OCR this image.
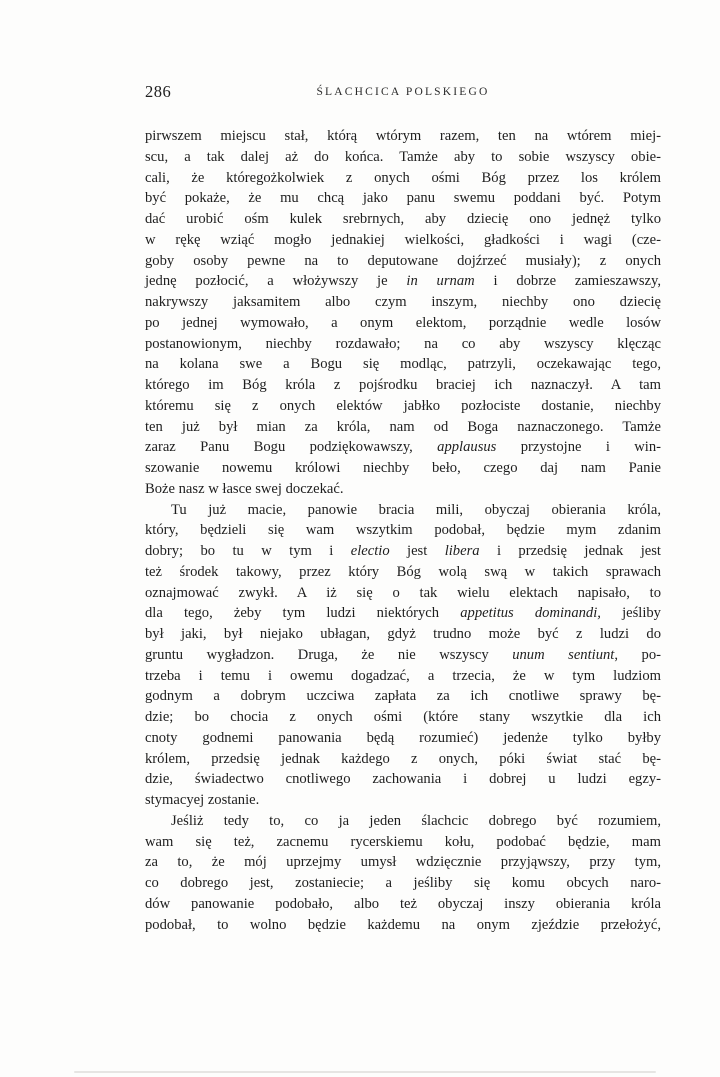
286	ŚLACHCICA POLSKIEGO
pirwszem miejscu stał, którą wtórym razem, ten na wtórem miej-
scu, a tak dalej aż do końca. Tamże aby to sobie wszyscy obie-
cali, że któregożkolwiek z onych ośmi Bóg przez los królem
być pokaże, że mu chcą jako panu swemu poddani być. Potym
dać urobić ośm kulek srebrnych, aby dziecię ono jednęż tylko
w rękę wziąć mogło jednakiej wielkości, gładkości i wagi (cze-
goby osoby pewne na to deputowane dojźrzeć musiały); z onych
jednę pozłocić, a włożywszy je in urnam i dobrze zamieszawszy,
nakrywszy jaksamitem albo czym inszym, niechby ono dziecię
po jednej wymowało, a onym elektom, porządnie wedle losów
postanowionym, niechby rozdawało; na co aby wszyscy klęcząc
na kolana swe a Bogu się modląc, patrzyli, oczekawając tego,
którego im Bóg króla z pojśrodku braciej ich naznaczył. A tam
któremu się z onych elektów jabłko pozłociste dostanie, niechby
ten już był mian za króla, nam od Boga naznaczonego. Tamże
zaraz Panu Bogu podziękowawszy, applausus przystojne i win-
szowanie nowemu królowi niechby beło, czego daj nam Panie
Boże nasz w łasce swej doczekać.
Tu już macie, panowie bracia mili, obyczaj obierania króla,
który, będzieli się wam wszytkim podobał, będzie mym zdanim
dobry; bo tu w tym i electio jest libera i przedsię jednak jest
też środek takowy, przez który Bóg wolą swą w takich sprawach
oznajmować zwykł. A iż się o tak wielu elektach napisało, to
dla tego, żeby tym ludzi niektórych appetitus dominandi, jeśliby
był jaki, był niejako ubłagan, gdyż trudno może być z ludzi do
gruntu wygładzon. Druga, że nie wszyscy unum sentiunt, po-
trzeba i temu i owemu dogadzać, a trzecia, że w tym ludziom
godnym a dobrym uczciwa zapłata za ich cnotliwe sprawy bę-
dzie; bo chocia z onych ośmi (które stany wszytkie dla ich
cnoty godnemi panowania będą rozumieć) jedenże tylko byłby
królem, przedsię jednak każdego z onych, póki świat stać bę-
dzie, świadectwo cnotliwego zachowania i dobrej u ludzi egzy-
stymacyej zostanie.
Jeśliż tedy to, co ja jeden ślachcic dobrego być rozumiem,
wam się też, zacnemu rycerskiemu kołu, podobać będzie, mam
za to, że mój uprzejmy umysł wdzięcznie przyjąwszy, przy tym,
co dobrego jest, zostaniecie; a jeśliby się komu obcych naro-
dów panowanie podobało, albo też obyczaj inszy obierania króla
podobał, to wolno będzie każdemu na onym zjeździe przełożyć,
